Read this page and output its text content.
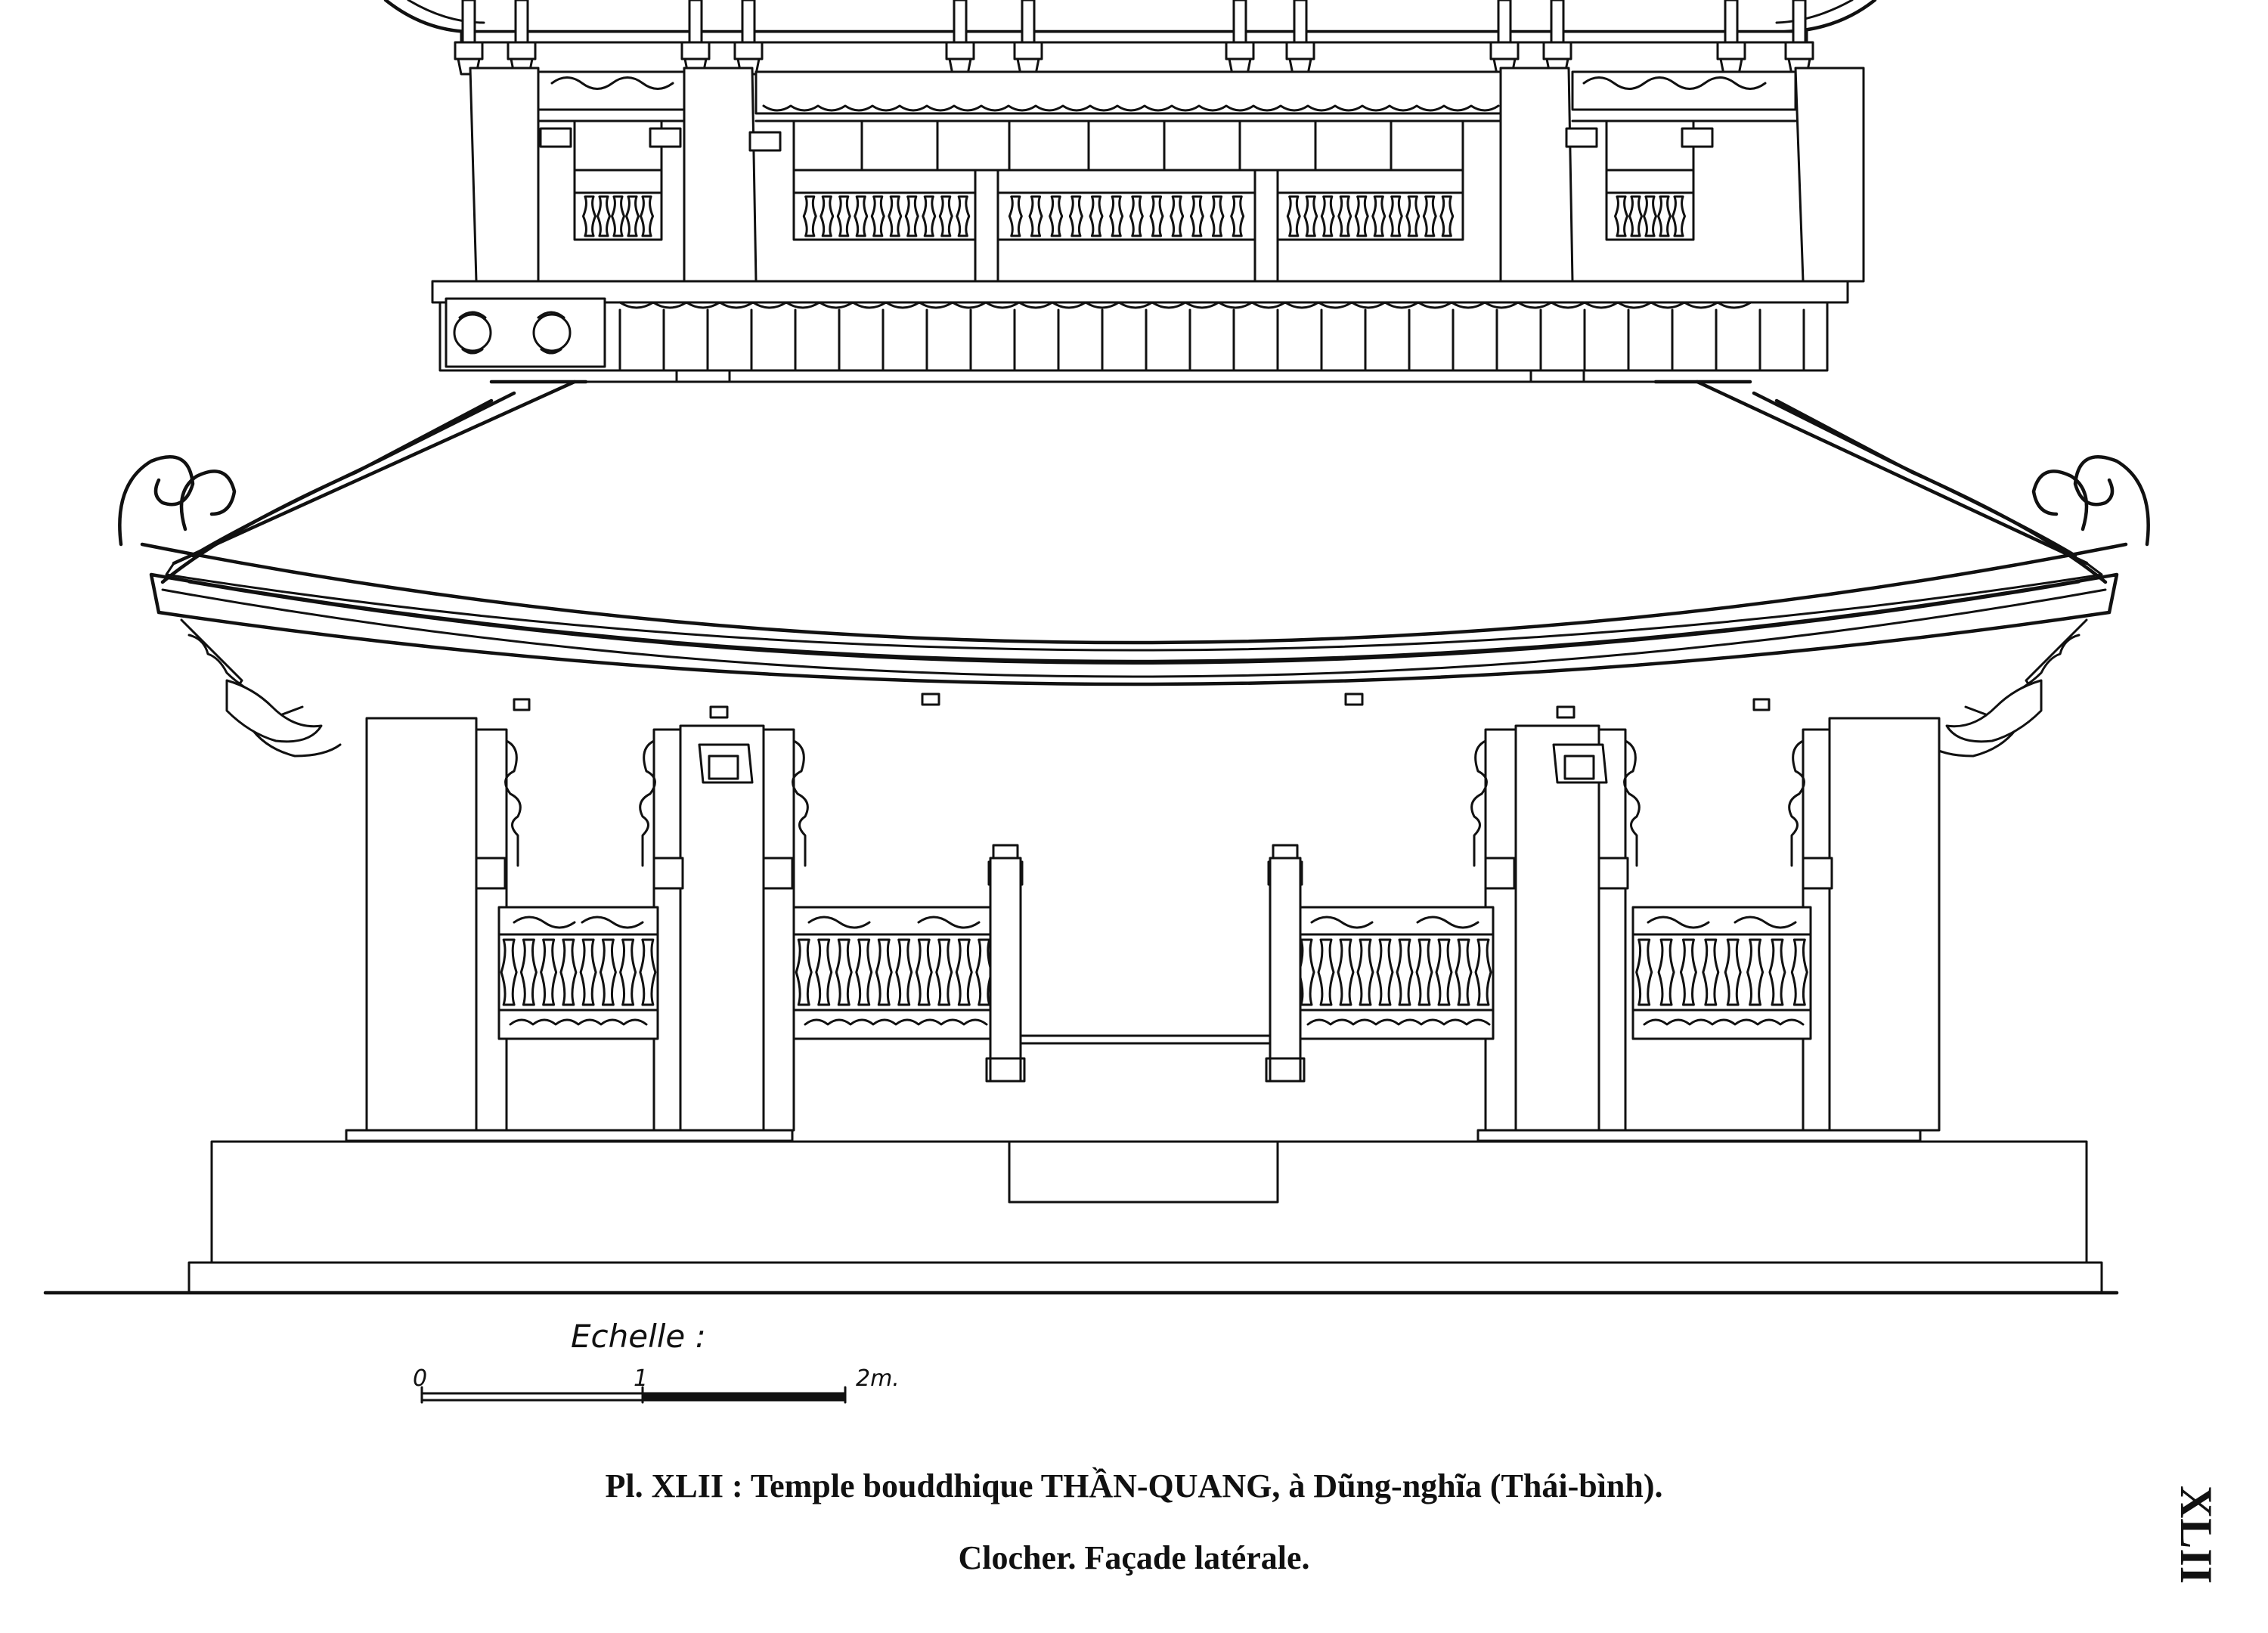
Echelle :
0	1	2m.
Pl. XLII : Temple bouddhique THẦN-QUANG, à Dũng-nghĩa (Thái-bình).
Clocher. Façade latérale.	XLII
